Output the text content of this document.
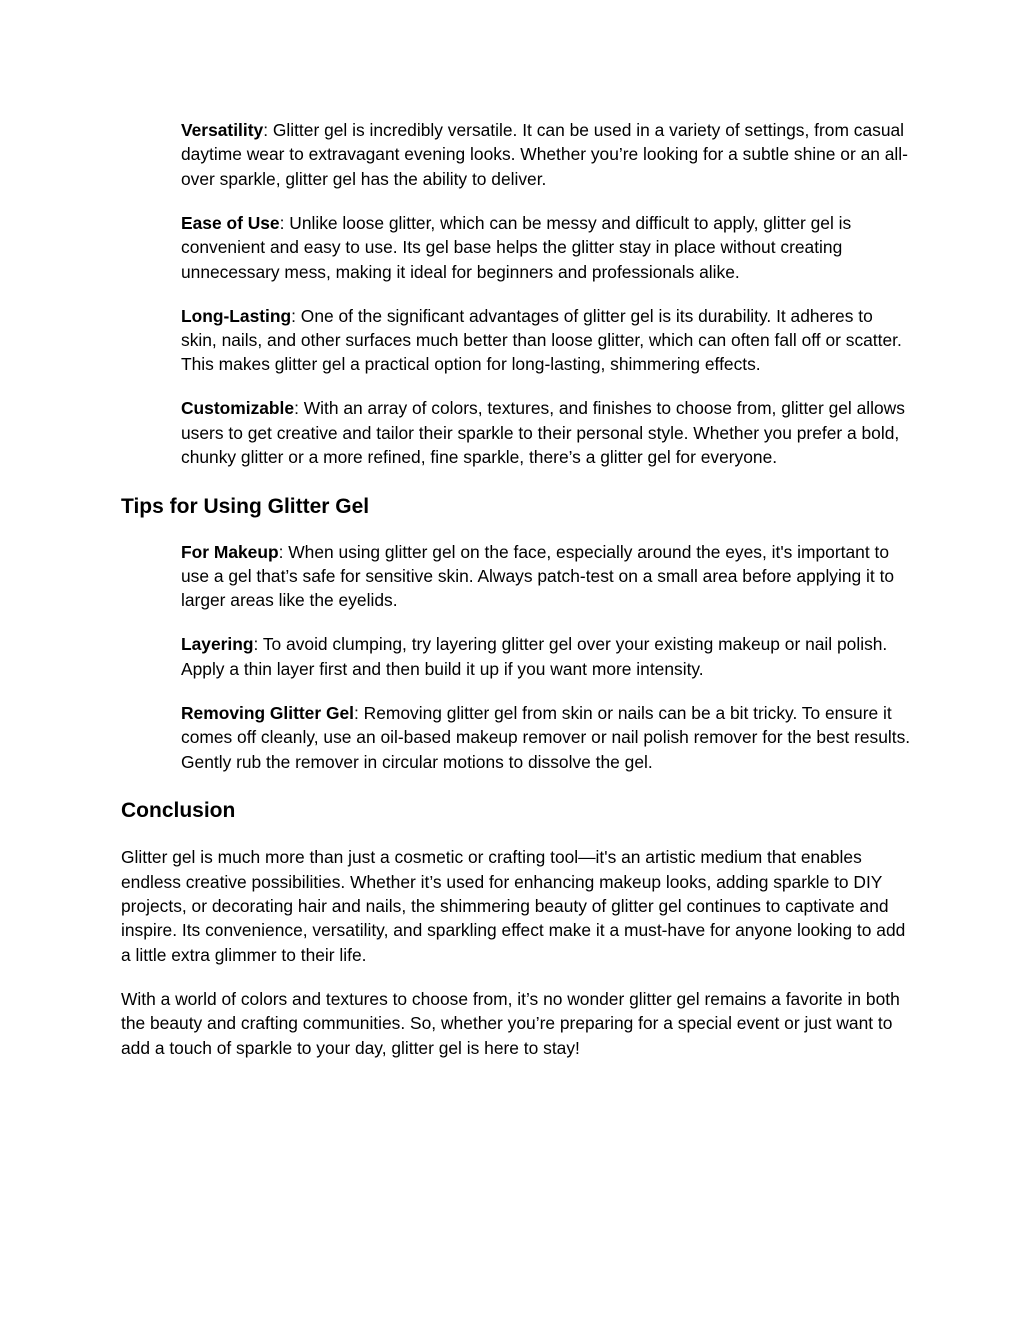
Versatility: Glitter gel is incredibly versatile. It can be used in a variety of settings, from casual daytime wear to extravagant evening looks. Whether you’re looking for a subtle shine or an all-over sparkle, glitter gel has the ability to deliver.

Ease of Use: Unlike loose glitter, which can be messy and difficult to apply, glitter gel is convenient and easy to use. Its gel base helps the glitter stay in place without creating unnecessary mess, making it ideal for beginners and professionals alike.

Long-Lasting: One of the significant advantages of glitter gel is its durability. It adheres to skin, nails, and other surfaces much better than loose glitter, which can often fall off or scatter. This makes glitter gel a practical option for long-lasting, shimmering effects.

Customizable: With an array of colors, textures, and finishes to choose from, glitter gel allows users to get creative and tailor their sparkle to their personal style. Whether you prefer a bold, chunky glitter or a more refined, fine sparkle, there’s a glitter gel for everyone.

Tips for Using Glitter Gel

For Makeup: When using glitter gel on the face, especially around the eyes, it's important to use a gel that’s safe for sensitive skin. Always patch-test on a small area before applying it to larger areas like the eyelids.

Layering: To avoid clumping, try layering glitter gel over your existing makeup or nail polish. Apply a thin layer first and then build it up if you want more intensity.

Removing Glitter Gel: Removing glitter gel from skin or nails can be a bit tricky. To ensure it comes off cleanly, use an oil-based makeup remover or nail polish remover for the best results. Gently rub the remover in circular motions to dissolve the gel.

Conclusion

Glitter gel is much more than just a cosmetic or crafting tool—it's an artistic medium that enables endless creative possibilities. Whether it’s used for enhancing makeup looks, adding sparkle to DIY projects, or decorating hair and nails, the shimmering beauty of glitter gel continues to captivate and inspire. Its convenience, versatility, and sparkling effect make it a must-have for anyone looking to add a little extra glimmer to their life.

With a world of colors and textures to choose from, it’s no wonder glitter gel remains a favorite in both the beauty and crafting communities. So, whether you’re preparing for a special event or just want to add a touch of sparkle to your day, glitter gel is here to stay!
